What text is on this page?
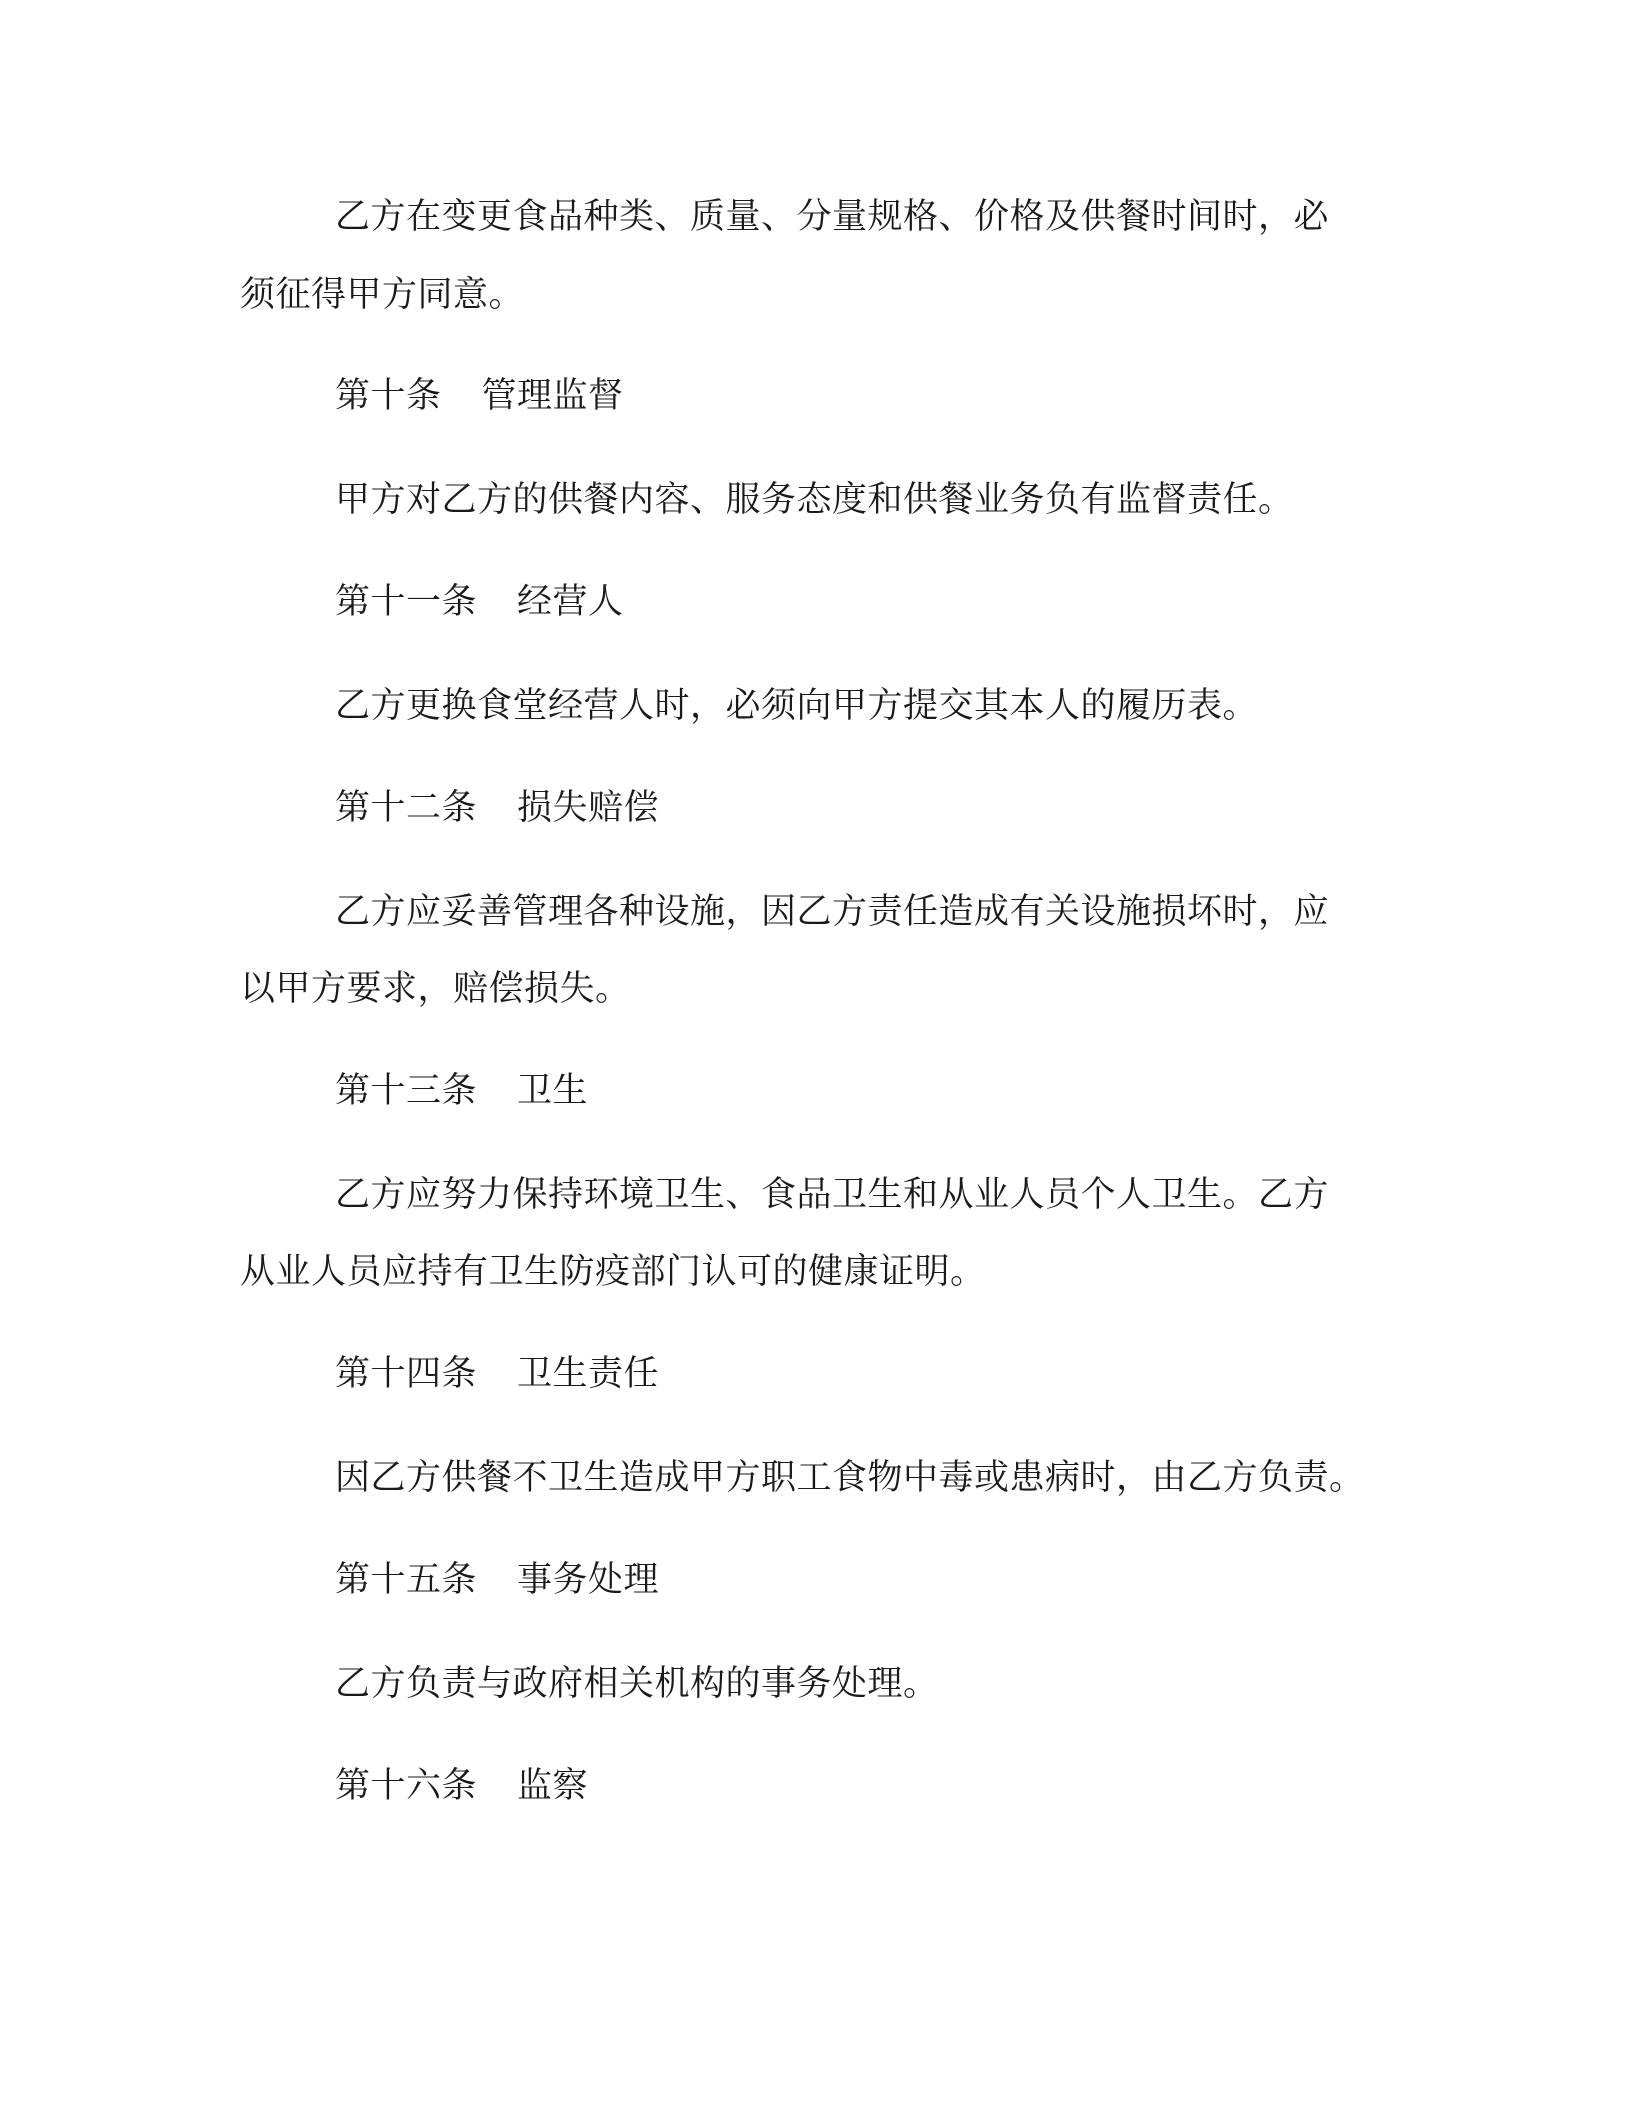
乙方在变更食品种类、质量、分量规格、价格及供餐时间时，必
须征得甲方同意。
第十条 管理监督
甲方对乙方的供餐内容、服务态度和供餐业务负有监督责任。
第十一条 经营人
乙方更换食堂经营人时，必须向甲方提交其本人的履历表。
第十二条 损失赔偿
乙方应妥善管理各种设施，因乙方责任造成有关设施损坏时，应
以甲方要求，赔偿损失。
第十三条 卫生
乙方应努力保持环境卫生、食品卫生和从业人员个人卫生。乙方
从业人员应持有卫生防疫部门认可的健康证明。
第十四条 卫生责任
因乙方供餐不卫生造成甲方职工食物中毒或患病时，由乙方负责。
第十五条 事务处理
乙方负责与政府相关机构的事务处理。
第十六条 监察
